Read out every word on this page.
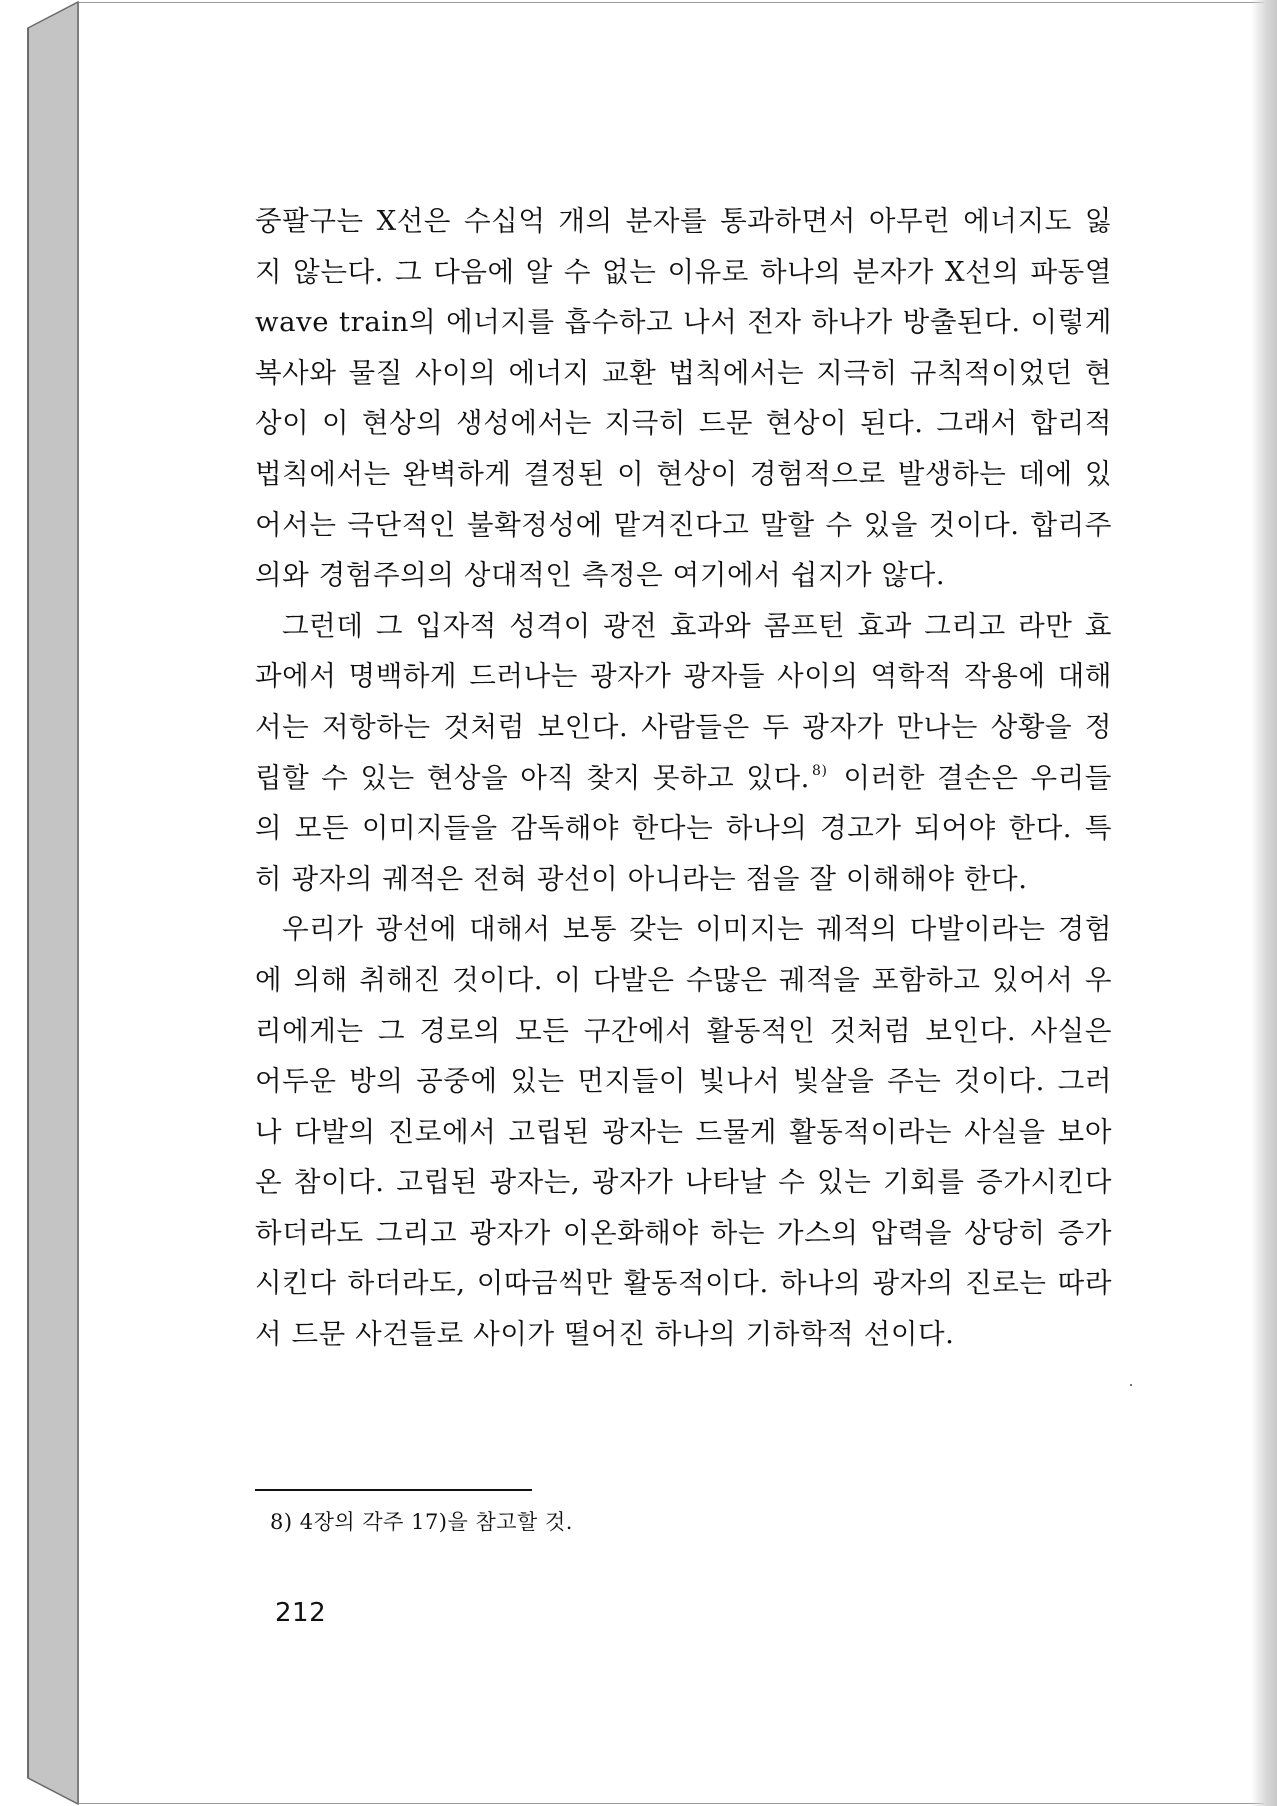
중팔구는 X선은 수십억 개의 분자를 통과하면서 아무런 에너지도 잃
지 않는다. 그 다음에 알 수 없는 이유로 하나의 분자가 X선의 파동열
wave train의 에너지를 흡수하고 나서 전자 하나가 방출된다. 이렇게
복사와 물질 사이의 에너지 교환 법칙에서는 지극히 규칙적이었던 현
상이 이 현상의 생성에서는 지극히 드문 현상이 된다. 그래서 합리적
법칙에서는 완벽하게 결정된 이 현상이 경험적으로 발생하는 데에 있
어서는 극단적인 불확정성에 맡겨진다고 말할 수 있을 것이다. 합리주
의와 경험주의의 상대적인 측정은 여기에서 쉽지가 않다.
그런데 그 입자적 성격이 광전 효과와 콤프턴 효과 그리고 라만 효
과에서 명백하게 드러나는 광자가 광자들 사이의 역학적 작용에 대해
서는 저항하는 것처럼 보인다. 사람들은 두 광자가 만나는 상황을 정
립할 수 있는 현상을 아직 찾지 못하고 있다. $^{8)}$ 이러한 결손은 우리들
의 모든 이미지들을 감독해야 한다는 하나의 경고가 되어야 한다. 특
히 광자의 궤적은 전혀 광선이 아니라는 점을 잘 이해해야 한다.
우리가 광선에 대해서 보통 갖는 이미지는 궤적의 다발이라는 경험
에 의해 취해진 것이다. 이 다발은 수많은 궤적을 포함하고 있어서 우
리에게는 그 경로의 모든 구간에서 활동적인 것처럼 보인다. 사실은
어두운 방의 공중에 있는 먼지들이 빛나서 빛살을 주는 것이다. 그러
나 다발의 진로에서 고립된 광자는 드물게 활동적이라는 사실을 보아
온 참이다. 고립된 광자는, 광자가 나타날 수 있는 기회를 증가시킨다
하더라도 그리고 광자가 이온화해야 하는 가스의 압력을 상당히 증가
시킨다 하더라도, 이따금씩만 활동적이다. 하나의 광자의 진로는 따라
서 드문 사건들로 사이가 떨어진 하나의 기하학적 선이다.
8) 4장의 각주 17)을 참고할 것.
212
